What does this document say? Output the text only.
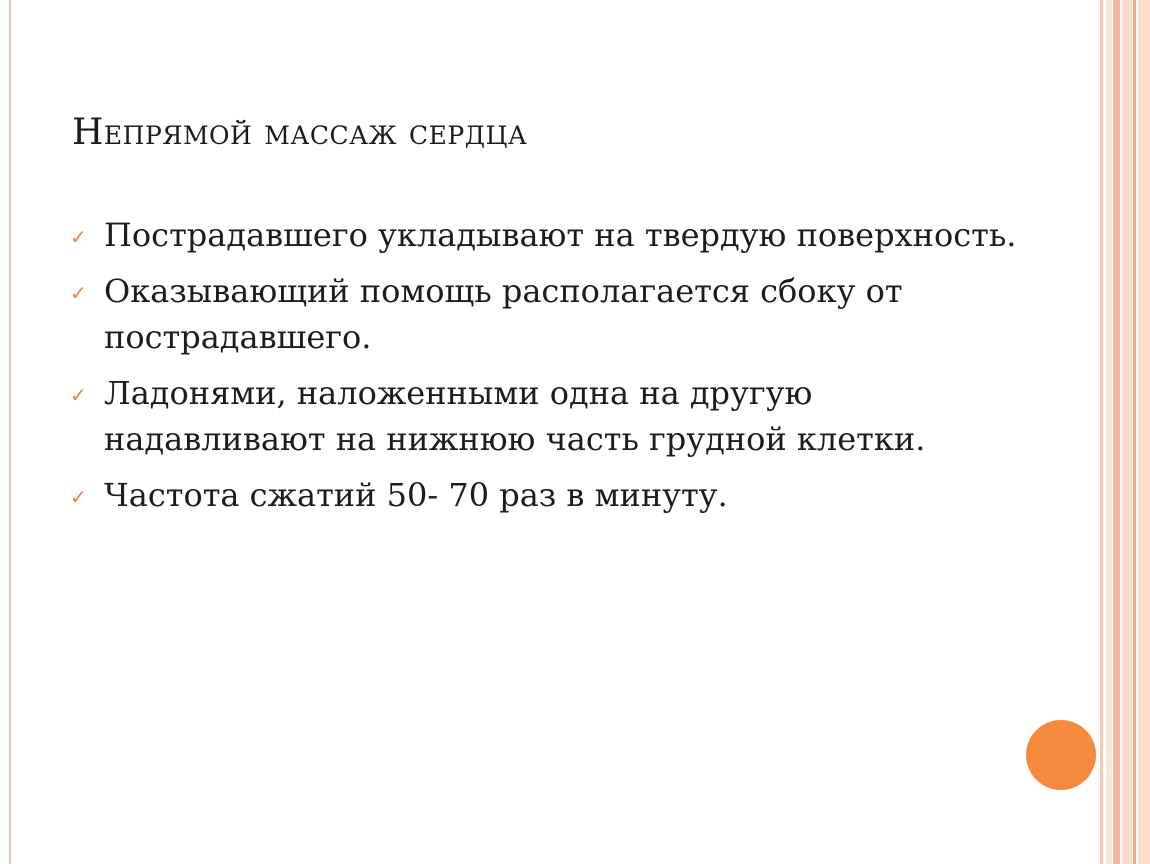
Непрямой массаж сердца
✓ Пострадавшего укладывают на твердую поверхность.
✓ Оказывающий помощь располагается сбоку от пострадавшего.
✓ Ладонями, наложенными одна на другую надавливают на нижнюю часть грудной клетки.
✓ Частота сжатий 50- 70 раз в минуту.
